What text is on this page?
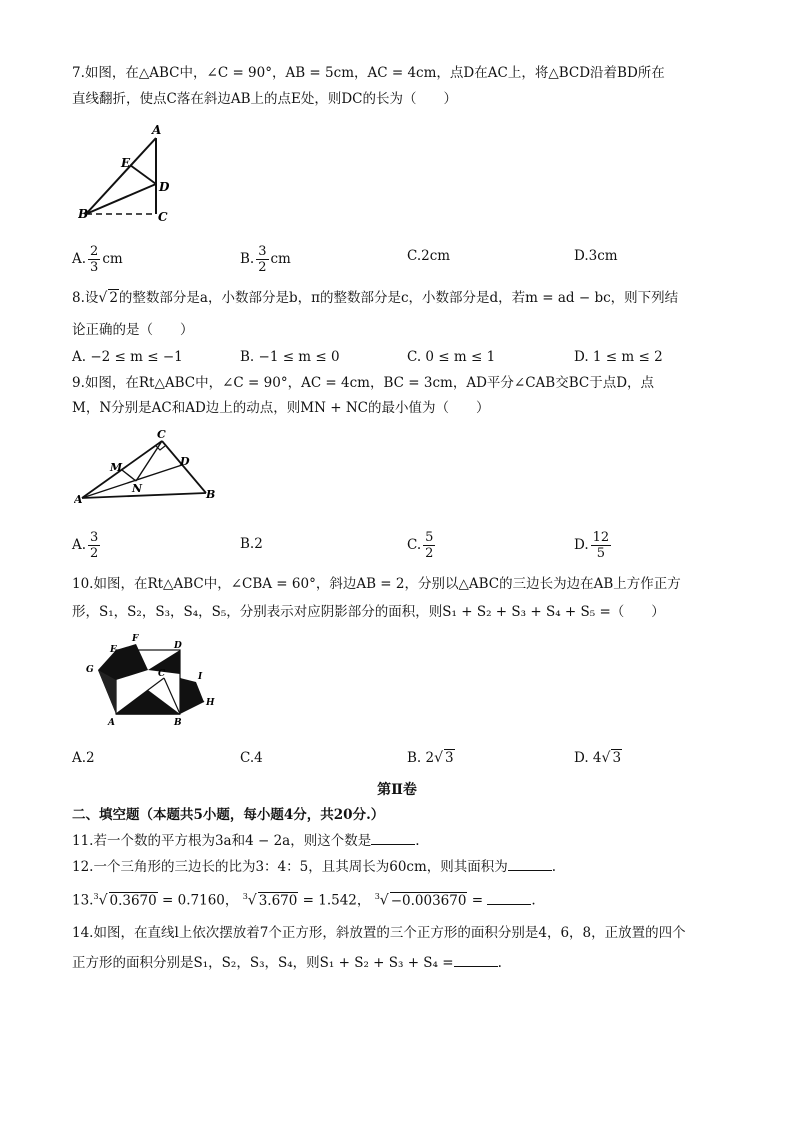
7.如图，在△ABC中，∠C = 90°，AB = 5cm，AC = 4cm，点D在AC上，将△BCD沿着BD所在
直线翻折，使点C落在斜边AB上的点E处，则DC的长为（　　）
A
E
D
B	C
A. $\frac{2}{3}$ cm	B. $\frac{3}{2}$ cm	C.2cm	D.3cm
8.设√ 2的整数部分是a，小数部分是b，π的整数部分是c，小数部分是d，若m = ad − bc，则下列结
论正确的是（　　）
A. −2 ≤ m ≤ −1	B. −1 ≤ m ≤ 0	C. 0 ≤ m ≤ 1	D. 1 ≤ m ≤ 2
9.如图，在Rt△ABC中，∠C = 90°，AC = 4cm，BC = 3cm，AD平分∠CAB交BC于点D，点
M，N分别是AC和AD边上的动点，则MN + NC的最小值为（　　）
C
D
M
N
A	B
A. $\frac{3}{2}$	B.2	C. $\frac{5}{2}$	D. $\frac{12}{5}$
10.如图，在Rt△ABC中，∠CBA = 60°，斜边AB = 2，分别以△ABC的三边长为边在AB上方作正方
形，S₁，S₂，S₃，S₄，S₅，分别表示对应阴影部分的面积，则S₁ + S₂ + S₃ + S₄ + S₅ =（　　）
G
E
F
D
C	I
H
A	B
A.2	C.4	B. 2√ 3	D. 4√ 3
第Ⅱ卷
二、填空题（本题共5小题，每小题4分，共20分.）
11.若一个数的平方根为3a和4 − 2a，则这个数是	.
12.一个三角形的三边长的比为3：4：5，且其周长为60cm，则其面积为	.
13.$^3$√ 0.3670 = 0.7160， $^3$√ 3.670 = 1.542， $^3$√ −0.003670 =	.
14.如图，在直线l上依次摆放着7个正方形，斜放置的三个正方形的面积分别是4，6，8，正放置的四个
正方形的面积分别是S₁，S₂，S₃，S₄，则S₁ + S₂ + S₃ + S₄ =	.
